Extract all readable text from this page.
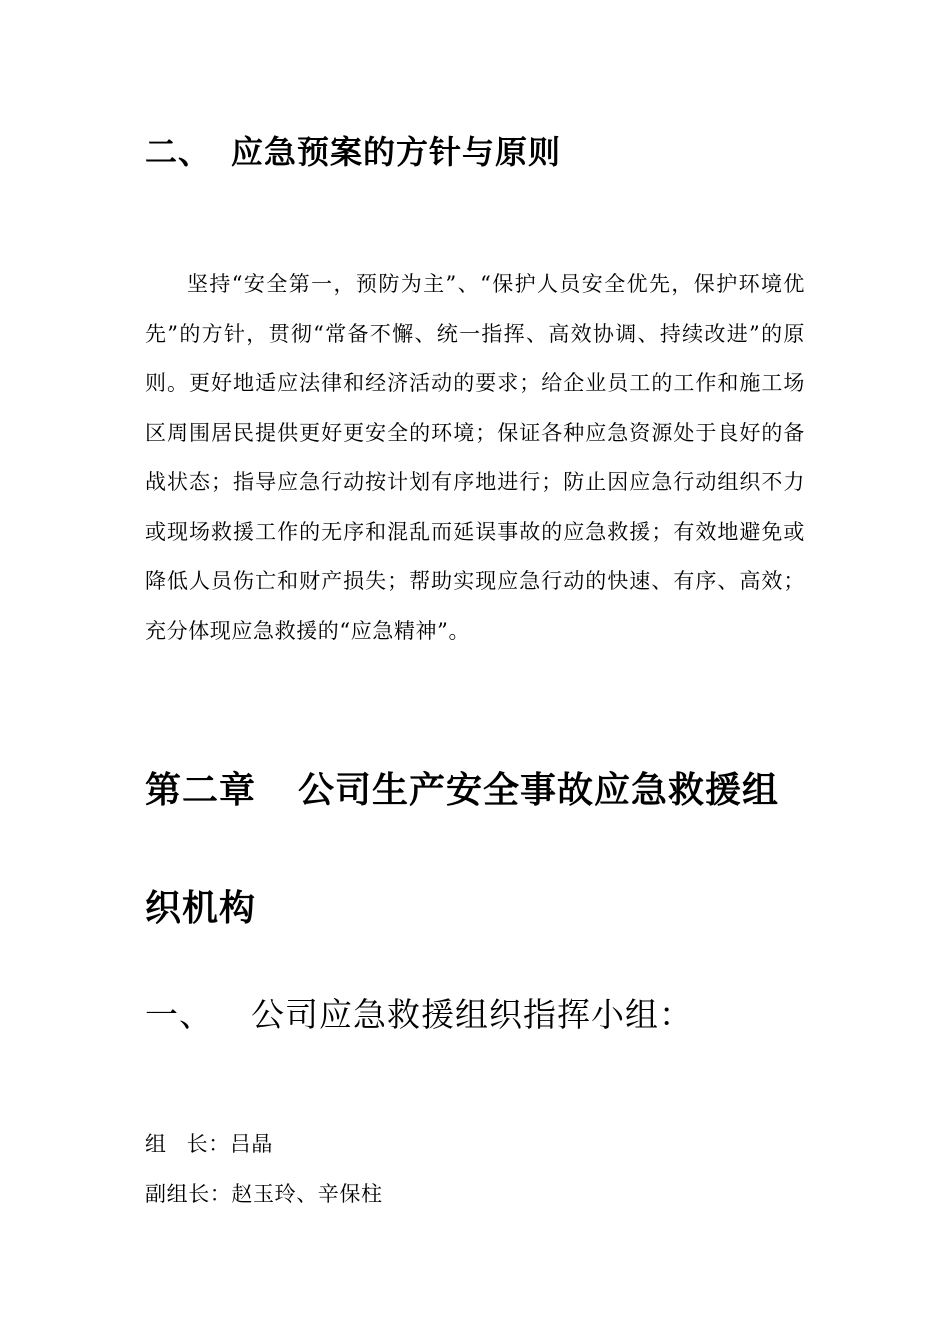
二、 应急预案的方针与原则

坚持“安全第一，预防为主”、“保护人员安全优先，保护环境优先”的方针，贯彻“常备不懈、统一指挥、高效协调、持续改进”的原则。更好地适应法律和经济活动的要求；给企业员工的工作和施工场区周围居民提供更好更安全的环境；保证各种应急资源处于良好的备战状态；指导应急行动按计划有序地进行；防止因应急行动组织不力或现场救援工作的无序和混乱而延误事故的应急救援；有效地避免或降低人员伤亡和财产损失；帮助实现应急行动的快速、有序、高效；充分体现应急救援的“应急精神”。

第二章 公司生产安全事故应急救援组织机构
一、 公司应急救援组织指挥小组：
组 长：吕晶
副组长：赵玉玲、辛保柱
